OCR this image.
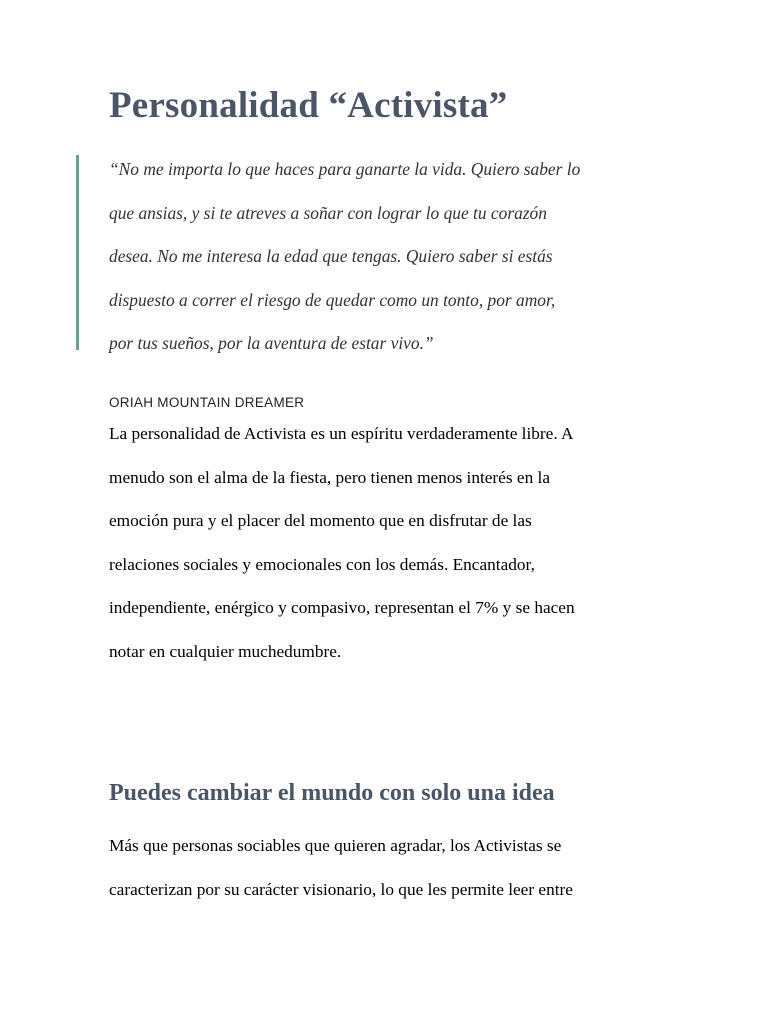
Personalidad “Activista”

“No me importa lo que haces para ganarte la vida. Quiero saber lo
que ansias, y si te atreves a soñar con lograr lo que tu corazón
desea. No me interesa la edad que tengas. Quiero saber si estás
dispuesto a correr el riesgo de quedar como un tonto, por amor,
por tus sueños, por la aventura de estar vivo.”

ORIAH MOUNTAIN DREAMER

La personalidad de Activista es un espíritu verdaderamente libre. A
menudo son el alma de la fiesta, pero tienen menos interés en la
emoción pura y el placer del momento que en disfrutar de las
relaciones sociales y emocionales con los demás. Encantador,
independiente, enérgico y compasivo, representan el 7% y se hacen
notar en cualquier muchedumbre.

Puedes cambiar el mundo con solo una idea

Más que personas sociables que quieren agradar, los Activistas se
caracterizan por su carácter visionario, lo que les permite leer entre
